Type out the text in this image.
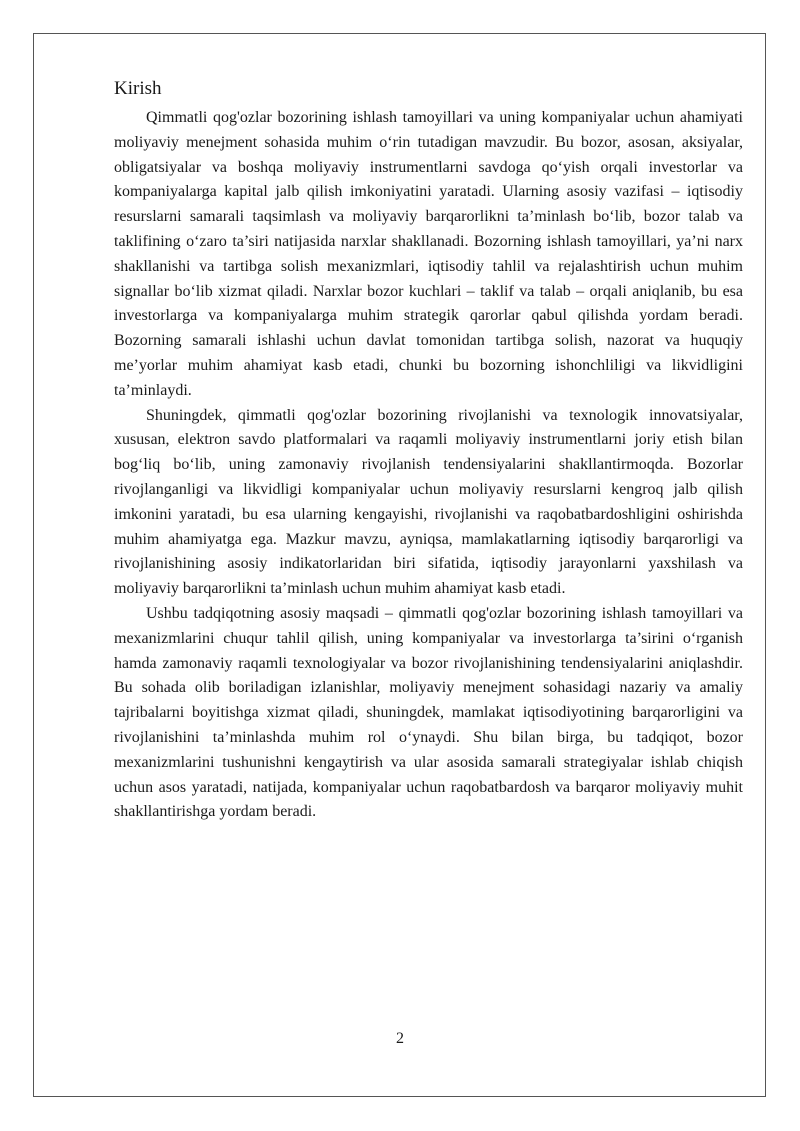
Kirish

Qimmatli qog'ozlar bozorining ishlash tamoyillari va uning kompaniyalar uchun ahamiyati moliyaviy menejment sohasida muhim o‘rin tutadigan mavzudir. Bu bozor, asosan, aksiyalar, obligatsiyalar va boshqa moliyaviy instrumentlarni savdoga qo‘yish orqali investorlar va kompaniyalarga kapital jalb qilish imkoniyatini yaratadi. Ularning asosiy vazifasi – iqtisodiy resurslarni samarali taqsimlash va moliyaviy barqarorlikni ta’minlash bo‘lib, bozor talab va taklifining o‘zaro ta’siri natijasida narxlar shakllanadi. Bozorning ishlash tamoyillari, ya’ni narx shakllanishi va tartibga solish mexanizmlari, iqtisodiy tahlil va rejalashtirish uchun muhim signallar bo‘lib xizmat qiladi. Narxlar bozor kuchlari – taklif va talab – orqali aniqlanib, bu esa investorlarga va kompaniyalarga muhim strategik qarorlar qabul qilishda yordam beradi. Bozorning samarali ishlashi uchun davlat tomonidan tartibga solish, nazorat va huquqiy me’yorlar muhim ahamiyat kasb etadi, chunki bu bozorning ishonchliligi va likvidligini ta’minlaydi.

Shuningdek, qimmatli qog'ozlar bozorining rivojlanishi va texnologik innovatsiyalar, xususan, elektron savdo platformalari va raqamli moliyaviy instrumentlarni joriy etish bilan bog‘liq bo‘lib, uning zamonaviy rivojlanish tendensiyalarini shakllantirmoqda. Bozorlar rivojlanganligi va likvidligi kompaniyalar uchun moliyaviy resurslarni kengroq jalb qilish imkonini yaratadi, bu esa ularning kengayishi, rivojlanishi va raqobatbardoshligini oshirishda muhim ahamiyatga ega. Mazkur mavzu, ayniqsa, mamlakatlarning iqtisodiy barqarorligi va rivojlanishining asosiy indikatorlaridan biri sifatida, iqtisodiy jarayonlarni yaxshilash va moliyaviy barqarorlikni ta’minlash uchun muhim ahamiyat kasb etadi.

Ushbu tadqiqotning asosiy maqsadi – qimmatli qog'ozlar bozorining ishlash tamoyillari va mexanizmlarini chuqur tahlil qilish, uning kompaniyalar va investorlarga ta’sirini o‘rganish hamda zamonaviy raqamli texnologiyalar va bozor rivojlanishining tendensiyalarini aniqlashdir. Bu sohada olib boriladigan izlanishlar, moliyaviy menejment sohasidagi nazariy va amaliy tajribalarni boyitishga xizmat qiladi, shuningdek, mamlakat iqtisodiyotining barqarorligini va rivojlanishini ta’minlashda muhim rol o‘ynaydi. Shu bilan birga, bu tadqiqot, bozor mexanizmlarini tushunishni kengaytirish va ular asosida samarali strategiyalar ishlab chiqish uchun asos yaratadi, natijada, kompaniyalar uchun raqobatbardosh va barqaror moliyaviy muhit shakllantirishga yordam beradi.

2
